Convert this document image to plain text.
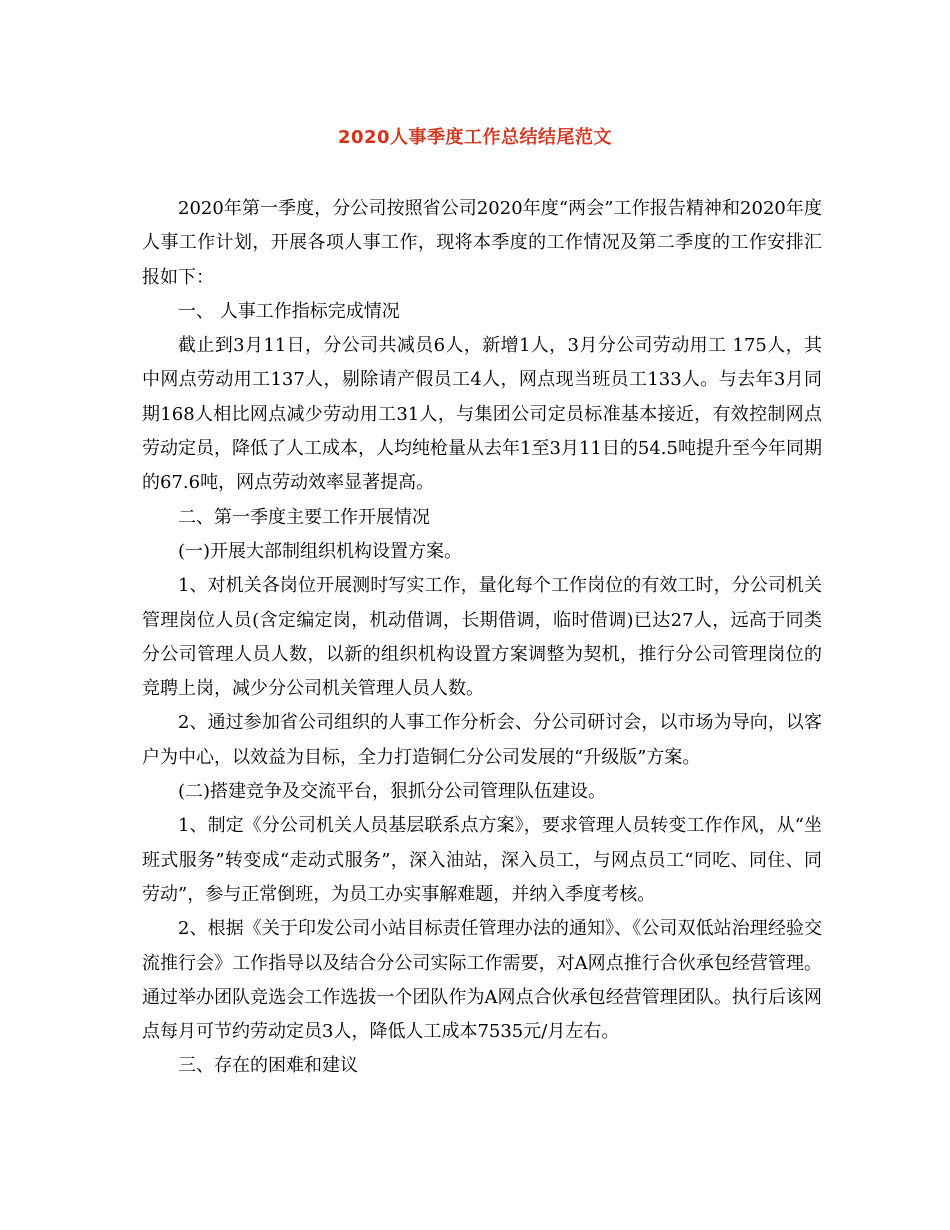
2020人事季度工作总结结尾范文

2020年第一季度，分公司按照省公司2020年度“两会”工作报告精神和2020年度人事工作计划，开展各项人事工作，现将本季度的工作情况及第二季度的工作安排汇报如下：

一、 人事工作指标完成情况

截止到3月11日，分公司共减员6人，新增1人，3月分公司劳动用工 175人，其中网点劳动用工137人，剔除请产假员工4人，网点现当班员工133人。与去年3月同期168人相比网点减少劳动用工31人，与集团公司定员标准基本接近，有效控制网点劳动定员，降低了人工成本，人均纯枪量从去年1至3月11日的54.5吨提升至今年同期的67.6吨，网点劳动效率显著提高。

二、第一季度主要工作开展情况

(一)开展大部制组织机构设置方案。

1、对机关各岗位开展测时写实工作，量化每个工作岗位的有效工时，分公司机关管理岗位人员(含定编定岗，机动借调，长期借调，临时借调)已达27人，远高于同类分公司管理人员人数，以新的组织机构设置方案调整为契机，推行分公司管理岗位的竞聘上岗，减少分公司机关管理人员人数。

2、通过参加省公司组织的人事工作分析会、分公司研讨会，以市场为导向，以客户为中心，以效益为目标，全力打造铜仁分公司发展的“升级版”方案。

(二)搭建竞争及交流平台，狠抓分公司管理队伍建设。

1、制定《分公司机关人员基层联系点方案》，要求管理人员转变工作作风，从“坐班式服务”转变成“走动式服务”，深入油站，深入员工，与网点员工“同吃、同住、同劳动”，参与正常倒班，为员工办实事解难题，并纳入季度考核。

2、根据《关于印发公司小站目标责任管理办法的通知》、《公司双低站治理经验交流推行会》工作指导以及结合分公司实际工作需要，对A网点推行合伙承包经营管理。通过举办团队竞选会工作选拔一个团队作为A网点合伙承包经营管理团队。执行后该网点每月可节约劳动定员3人，降低人工成本7535元/月左右。

三、存在的困难和建议
